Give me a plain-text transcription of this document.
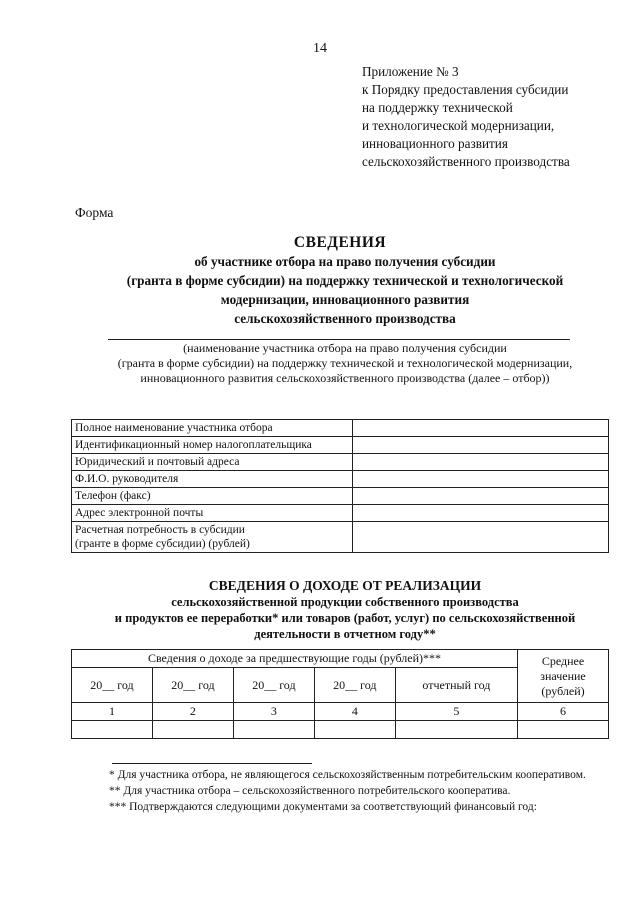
14
Приложение № 3
к Порядку предоставления субсидии
на поддержку технической
и технологической модернизации,
инновационного развития
сельскохозяйственного производства
Форма
СВЕДЕНИЯ
об участнике отбора на право получения субсидии
(гранта в форме субсидии) на поддержку технической и технологической
модернизации, инновационного развития
сельскохозяйственного производства
(наименование участника отбора на право получения субсидии
(гранта в форме субсидии) на поддержку технической и технологической модернизации,
инновационного развития сельскохозяйственного производства (далее – отбор))
Полное наименование участника отбора	
Идентификационный номер налогоплательщика	
Юридический и почтовый адреса	
Ф.И.О. руководителя	
Телефон (факс)	
Адрес электронной почты	

Расчетная потребность в субсидии
(гранте в форме субсидии) (рублей)	

СВЕДЕНИЯ О ДОХОДЕ ОТ РЕАЛИЗАЦИИ
сельскохозяйственной продукции собственного производства
и продуктов ее переработки* или товаров (работ, услуг) по сельскохозяйственной
деятельности в отчетном году**
Сведения о доходе за предшествующие годы (рублей)***					Среднее
значение
(рублей)

20__ год	20__ год	20__ год	20__ год	отчетный год	
1	2	3	4	5	6

* Для участника отбора, не являющегося сельскохозяйственным потребительским кооперативом.

** Для участника отбора – сельскохозяйственного потребительского кооператива.

*** Подтверждаются следующими документами за соответствующий финансовый год:
